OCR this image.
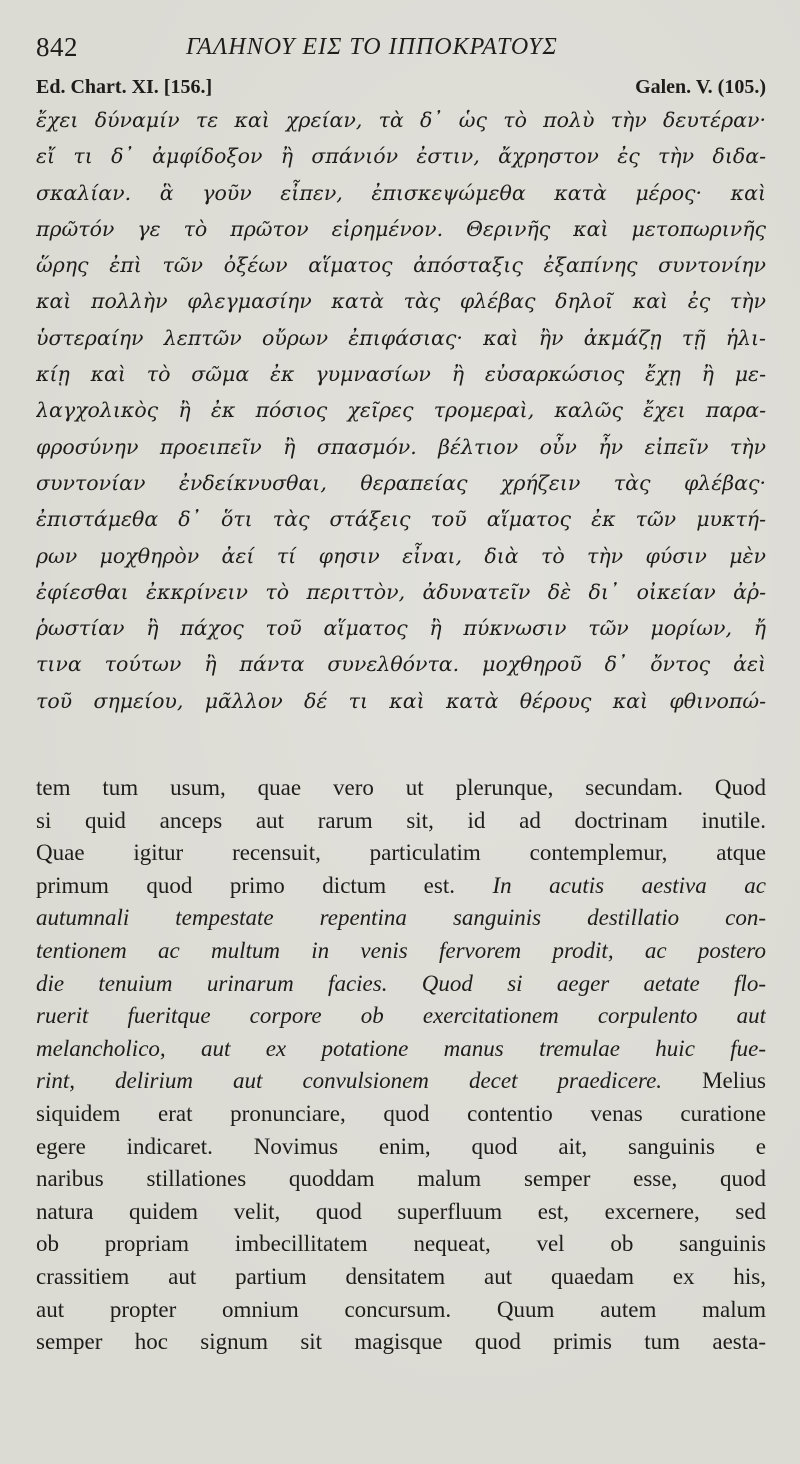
842	ΓΑΛΗΝΟΥ ΕΙΣ ΤΟ ΙΠΠΟΚΡΑΤΟΥΣ
Ed. Chart. XI. [156.]	Galen. V. (105.)
ἔχει δύναμίν τε καὶ χρείαν, τὰ δ᾽ ὡς τὸ πολὺ τὴν δευτέραν·
εἴ τι δ᾽ ἀμφίδοξον ἢ σπάνιόν ἐστιν, ἄχρηστον ἐς τὴν διδα-
σκαλίαν. ἃ γοῦν εἶπεν, ἐπισκεψώμεθα κατὰ μέρος· καὶ
πρῶτόν γε τὸ πρῶτον εἰρημένον. Θερινῆς καὶ μετοπωρινῆς
ὥρης ἐπὶ τῶν ὀξέων αἵματος ἀπόσταξις ἐξαπίνης συντονίην
καὶ πολλὴν φλεγμασίην κατὰ τὰς φλέβας δηλοῖ καὶ ἐς τὴν
ὑστεραίην λεπτῶν οὔρων ἐπιφάσιας· καὶ ἢν ἀκμάζῃ τῇ ἡλι-
κίῃ καὶ τὸ σῶμα ἐκ γυμνασίων ἢ εὐσαρκώσιος ἔχῃ ἢ με-
λαγχολικὸς ἢ ἐκ πόσιος χεῖρες τρομεραὶ, καλῶς ἔχει παρα-
φροσύνην προειπεῖν ἢ σπασμόν. βέλτιον οὖν ἦν εἰπεῖν τὴν
συντονίαν ἐνδείκνυσθαι, θεραπείας χρήζειν τὰς φλέβας·
ἐπιστάμεθα δ᾽ ὅτι τὰς στάξεις τοῦ αἵματος ἐκ τῶν μυκτή-
ρων μοχθηρὸν ἀεί τί φησιν εἶναι, διὰ τὸ τὴν φύσιν μὲν
ἐφίεσθαι ἐκκρίνειν τὸ περιττὸν, ἀδυνατεῖν δὲ δι᾽ οἰκείαν ἀῤ-
ῥωστίαν ἢ πάχος τοῦ αἵματος ἢ πύκνωσιν τῶν μορίων, ἤ
τινα τούτων ἢ πάντα συνελθόντα. μοχθηροῦ δ᾽ ὄντος ἀεὶ
τοῦ σημείου, μᾶλλον δέ τι καὶ κατὰ θέρους καὶ φθινοπώ-
tem tum usum, quae vero ut plerunque, secundam. Quod
si quid anceps aut rarum sit, id ad doctrinam inutile.
Quae igitur recensuit, particulatim contemplemur, atque
primum quod primo dictum est. In acutis aestiva ac
autumnali tempestate repentina sanguinis destillatio con-
tentionem ac multum in venis fervorem prodit, ac postero
die tenuium urinarum facies. Quod si aeger aetate flo-
ruerit fueritque corpore ob exercitationem corpulento aut
melancholico, aut ex potatione manus tremulae huic fue-
rint, delirium aut convulsionem decet praedicere. Melius
siquidem erat pronunciare, quod contentio venas curatione
egere indicaret. Novimus enim, quod ait, sanguinis e
naribus stillationes quoddam malum semper esse, quod
natura quidem velit, quod superfluum est, excernere, sed
ob propriam imbecillitatem nequeat, vel ob sanguinis
crassitiem aut partium densitatem aut quaedam ex his,
aut propter omnium concursum. Quum autem malum
semper hoc signum sit magisque quod primis tum aesta-
